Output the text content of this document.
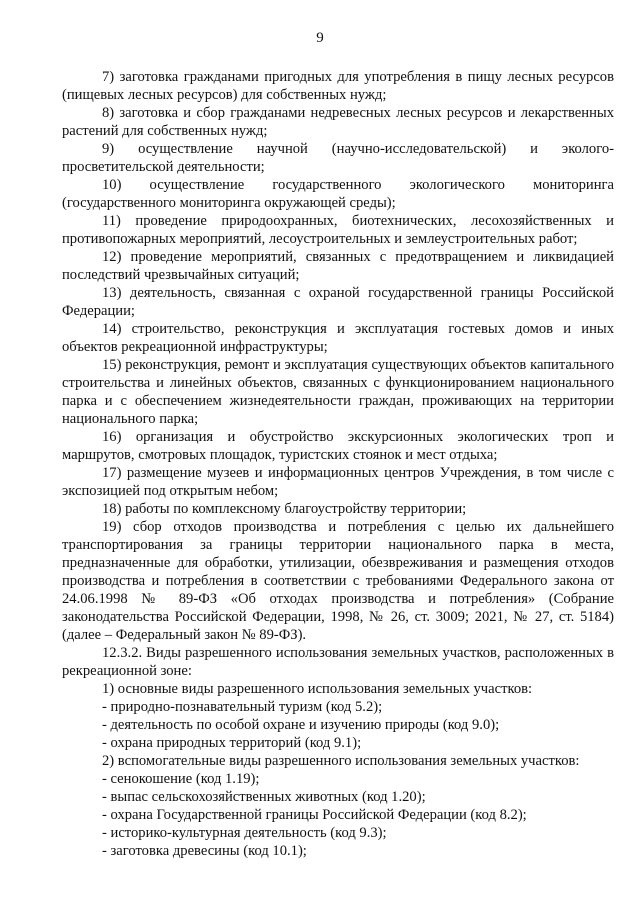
9

7) заготовка гражданами пригодных для употребления в пищу лесных ресурсов (пищевых лесных ресурсов) для собственных нужд;

8) заготовка и сбор гражданами недревесных лесных ресурсов и лекарственных растений для собственных нужд;

9) осуществление научной (научно-исследовательской) и эколого-просветительской деятельности;

10) осуществление государственного экологического мониторинга (государственного мониторинга окружающей среды);

11) проведение природоохранных, биотехнических, лесохозяйственных и противопожарных мероприятий, лесоустроительных и землеустроительных работ;

12) проведение мероприятий, связанных с предотвращением и ликвидацией последствий чрезвычайных ситуаций;

13) деятельность, связанная с охраной государственной границы Российской Федерации;

14) строительство, реконструкция и эксплуатация гостевых домов и иных объектов рекреационной инфраструктуры;

15) реконструкция, ремонт и эксплуатация существующих объектов капитального строительства и линейных объектов, связанных с функционированием национального парка и с обеспечением жизнедеятельности граждан, проживающих на территории национального парка;

16) организация и обустройство экскурсионных экологических троп и маршрутов, смотровых площадок, туристских стоянок и мест отдыха;

17) размещение музеев и информационных центров Учреждения, в том числе с экспозицией под открытым небом;

18) работы по комплексному благоустройству территории;

19) сбор отходов производства и потребления с целью их дальнейшего транспортирования за границы территории национального парка в места, предназначенные для обработки, утилизации, обезвреживания и размещения отходов производства и потребления в соответствии с требованиями Федерального закона от 24.06.1998 № 89-ФЗ «Об отходах производства и потребления» (Собрание законодательства Российской Федерации, 1998, № 26, ст. 3009; 2021, № 27, ст. 5184) (далее – Федеральный закон № 89-ФЗ).

12.3.2. Виды разрешенного использования земельных участков, расположенных в рекреационной зоне:

1) основные виды разрешенного использования земельных участков:

- природно-познавательный туризм (код 5.2);

- деятельность по особой охране и изучению природы (код 9.0);

- охрана природных территорий (код 9.1);

2) вспомогательные виды разрешенного использования земельных участков:

- сенокошение (код 1.19);

- выпас сельскохозяйственных животных (код 1.20);

- охрана Государственной границы Российской Федерации (код 8.2);

- историко-культурная деятельность (код 9.3);

- заготовка древесины (код 10.1);
